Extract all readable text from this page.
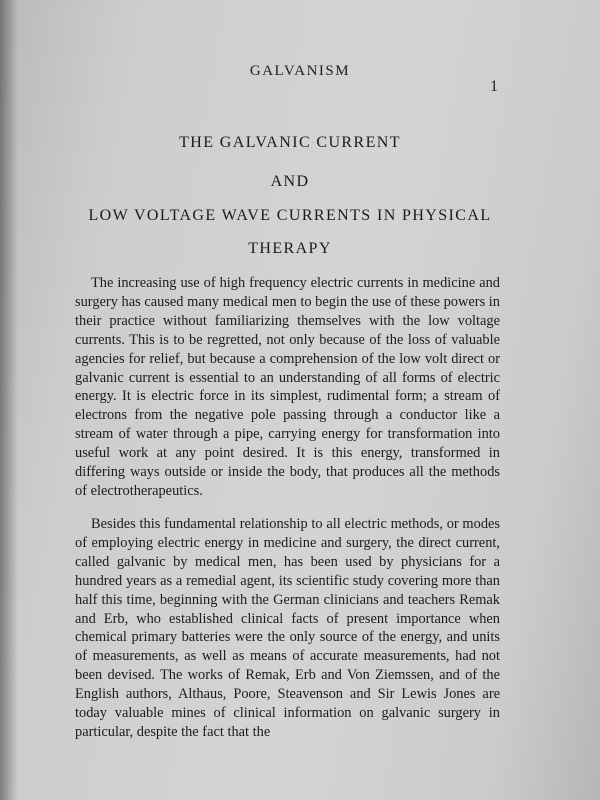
GALVANISM
1
THE GALVANIC CURRENT
AND
LOW VOLTAGE WAVE CURRENTS IN PHYSICAL
THERAPY

The increasing use of high frequency electric currents in medicine and surgery has caused many medical men to begin the use of these powers in their practice without familiarizing themselves with the low voltage currents. This is to be regretted, not only because of the loss of valuable agencies for relief, but because a comprehension of the low volt direct or galvanic current is essential to an understanding of all forms of electric energy. It is electric force in its simplest, rudimental form; a stream of electrons from the negative pole passing through a conductor like a stream of water through a pipe, carrying energy for transformation into useful work at any point desired. It is this energy, transformed in differing ways outside or inside the body, that produces all the methods of electrotherapeutics.

Besides this fundamental relationship to all electric methods, or modes of employing electric energy in medicine and surgery, the direct current, called galvanic by medical men, has been used by physicians for a hundred years as a remedial agent, its scientific study covering more than half this time, beginning with the German clinicians and teachers Remak and Erb, who established clinical facts of present importance when chemical primary batteries were the only source of the energy, and units of measurements, as well as means of accurate measurements, had not been devised. The works of Remak, Erb and Von Ziemssen, and of the English authors, Althaus, Poore, Steavenson and Sir Lewis Jones are today valuable mines of clinical information on galvanic surgery in particular, despite the fact that the
